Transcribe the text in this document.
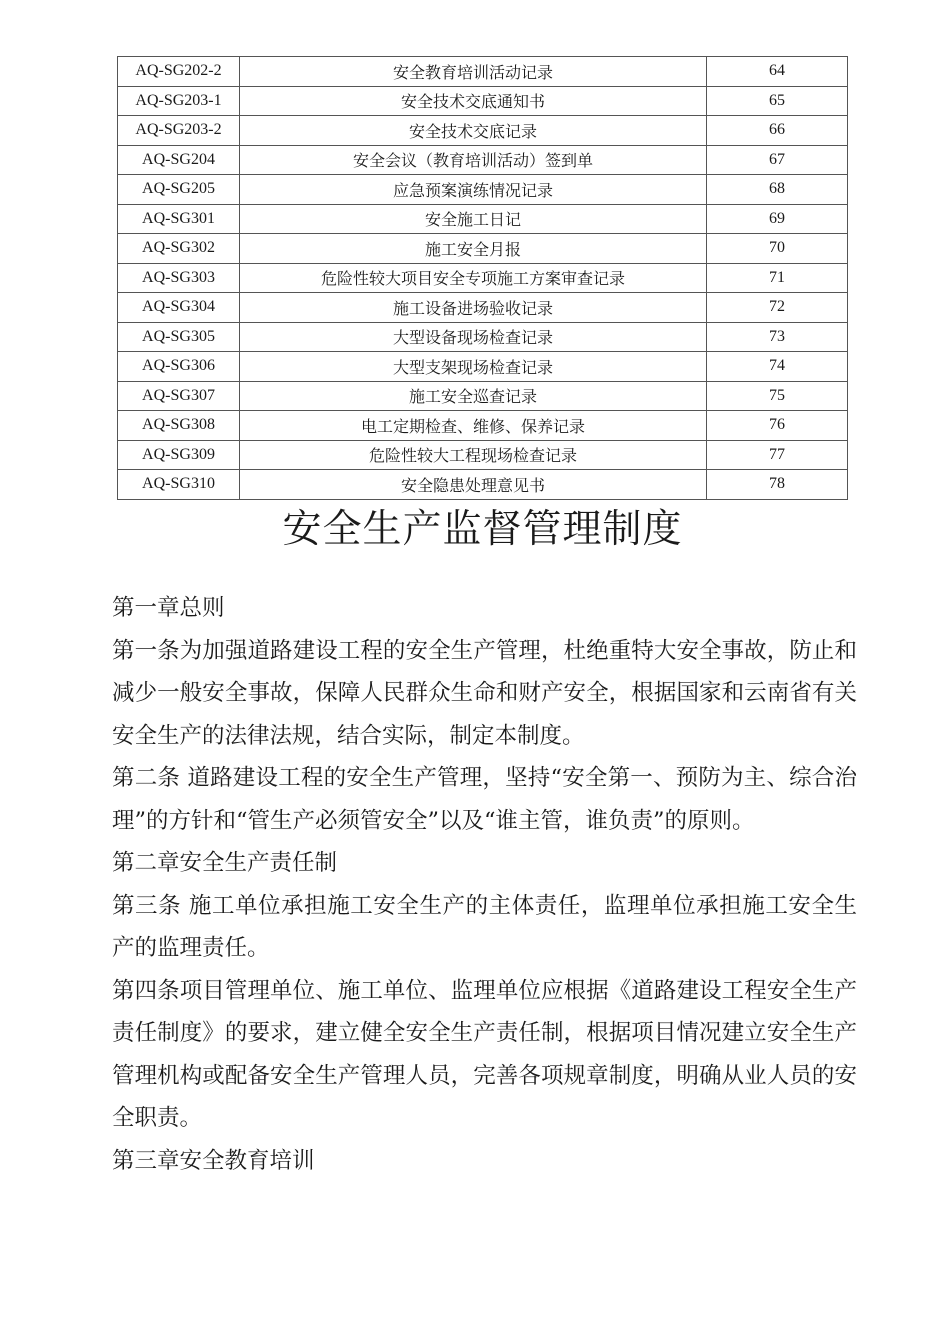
AQ-SG202-2	安全教育培训活动记录	64
AQ-SG203-1	安全技术交底通知书	65
AQ-SG203-2	安全技术交底记录	66
AQ-SG204	安全会议（教育培训活动）签到单	67
AQ-SG205	应急预案演练情况记录	68
AQ-SG301	安全施工日记	69
AQ-SG302	施工安全月报	70
AQ-SG303	危险性较大项目安全专项施工方案审查记录	71
AQ-SG304	施工设备进场验收记录	72
AQ-SG305	大型设备现场检查记录	73
AQ-SG306	大型支架现场检查记录	74
AQ-SG307	施工安全巡查记录	75
AQ-SG308	电工定期检查、维修、保养记录	76
AQ-SG309	危险性较大工程现场检查记录	77
AQ-SG310	安全隐患处理意见书	78
安全生产监督管理制度

第一章总则

第一条为加强道路建设工程的安全生产管理，杜绝重特大安全事故，防止和减少一般安全事故，保障人民群众生命和财产安全，根据国家和云南省有关安全生产的法律法规，结合实际，制定本制度。

第二条 道路建设工程的安全生产管理，坚持“安全第一、预防为主、综合治理”的方针和“管生产必须管安全”以及“谁主管，谁负责”的原则。

第二章安全生产责任制

第三条 施工单位承担施工安全生产的主体责任，监理单位承担施工安全生产的监理责任。

第四条项目管理单位、施工单位、监理单位应根据《道路建设工程安全生产责任制度》的要求，建立健全安全生产责任制，根据项目情况建立安全生产管理机构或配备安全生产管理人员，完善各项规章制度，明确从业人员的安全职责。

第三章安全教育培训
